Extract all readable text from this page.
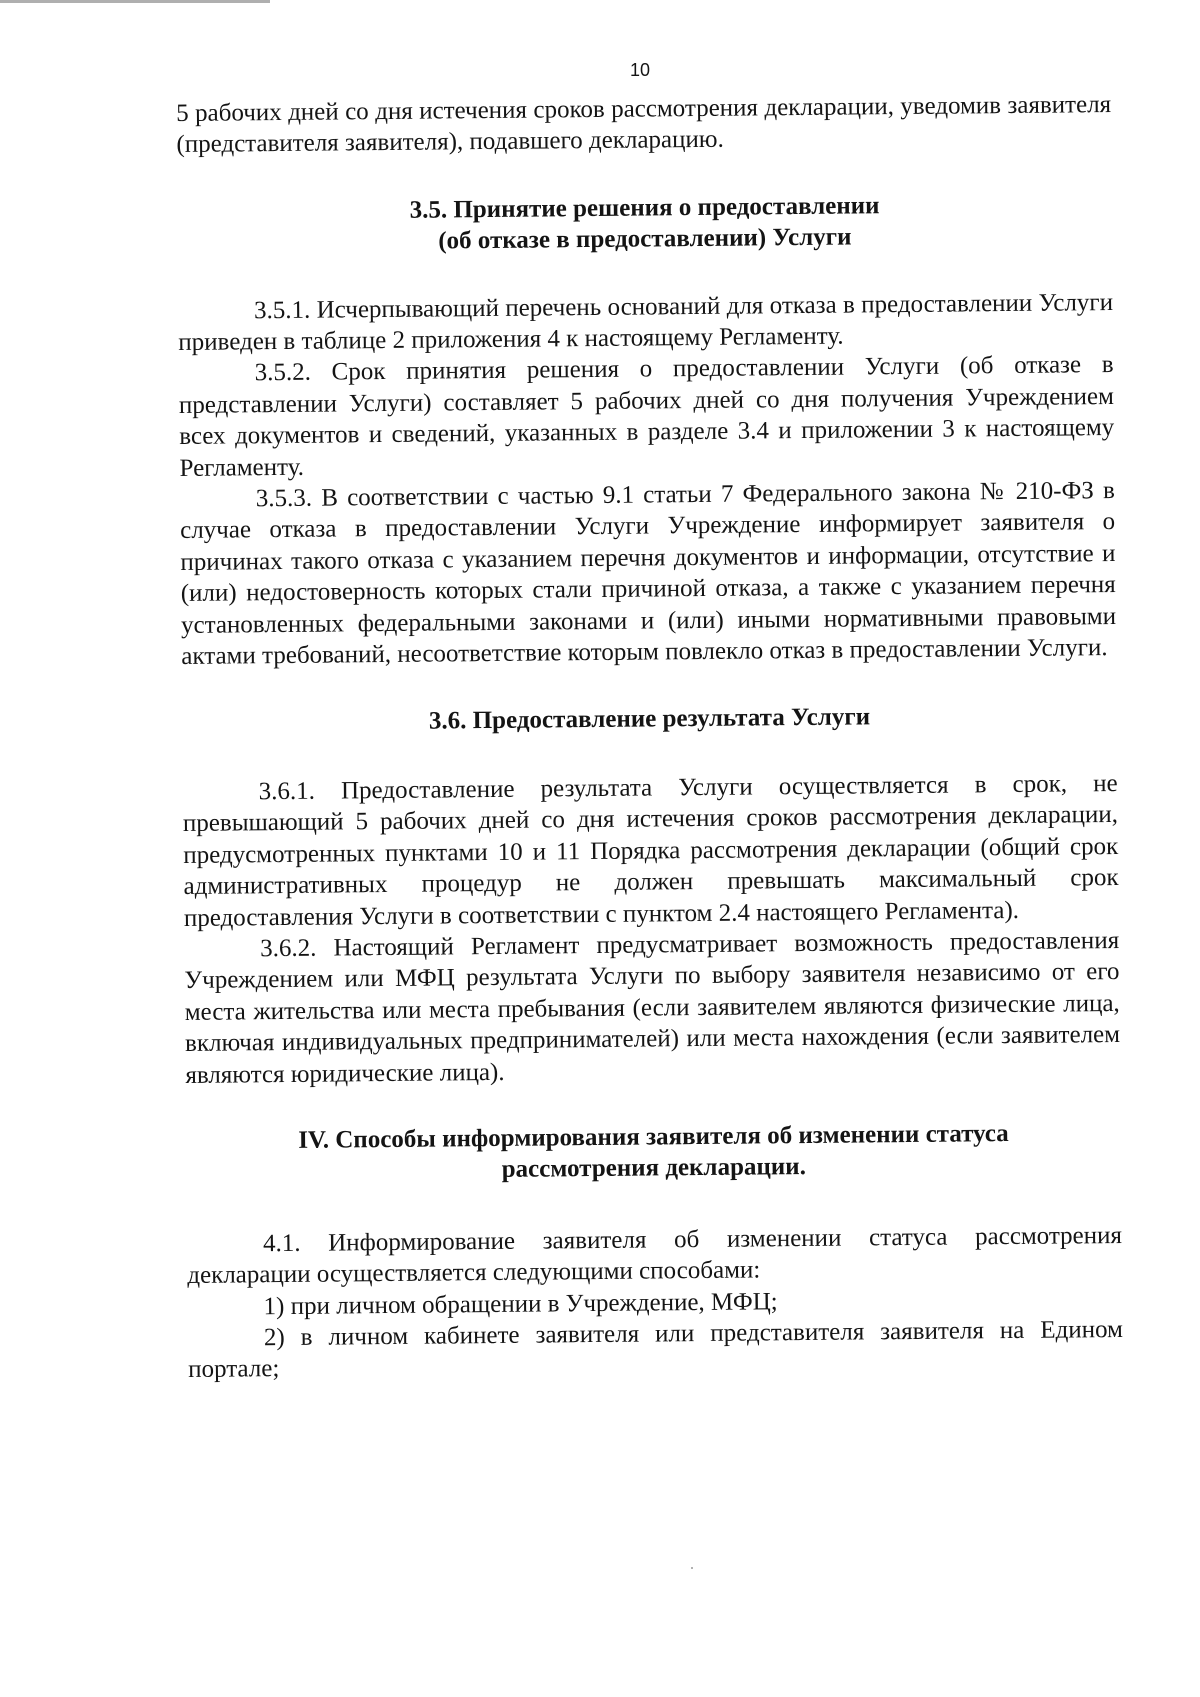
10

5 рабочих дней со дня истечения сроков рассмотрения декларации, уведомив заявителя (представителя заявителя), подавшего декларацию.

3.5. Принятие решения о предоставлении
(об отказе в предоставлении) Услуги

3.5.1. Исчерпывающий перечень оснований для отказа в предоставлении Услуги приведен в таблице 2 приложения 4 к настоящему Регламенту.

3.5.2. Срок принятия решения о предоставлении Услуги (об отказе в представлении Услуги) составляет 5 рабочих дней со дня получения Учреждением всех документов и сведений, указанных в разделе 3.4 и приложении 3 к настоящему Регламенту.

3.5.3. В соответствии с частью 9.1 статьи 7 Федерального закона № 210-ФЗ в случае отказа в предоставлении Услуги Учреждение информирует заявителя о причинах такого отказа с указанием перечня документов и информации, отсутствие и (или) недостоверность которых стали причиной отказа, а также с указанием перечня установленных федеральными законами и (или) иными нормативными правовыми актами требований, несоответствие которым повлекло отказ в предоставлении Услуги.

3.6. Предоставление результата Услуги

3.6.1. Предоставление результата Услуги осуществляется в срок, не превышающий 5 рабочих дней со дня истечения сроков рассмотрения декларации, предусмотренных пунктами 10 и 11 Порядка рассмотрения декларации (общий срок административных процедур не должен превышать максимальный срок предоставления Услуги в соответствии с пунктом 2.4 настоящего Регламента).

3.6.2. Настоящий Регламент предусматривает возможность предоставления Учреждением или МФЦ результата Услуги по выбору заявителя независимо от его места жительства или места пребывания (если заявителем являются физические лица, включая индивидуальных предпринимателей) или места нахождения (если заявителем являются юридические лица).

IV. Способы информирования заявителя об изменении статуса
рассмотрения декларации.

4.1. Информирование заявителя об изменении статуса рассмотрения декларации осуществляется следующими способами:

1) при личном обращении в Учреждение, МФЦ;

2) в личном кабинете заявителя или представителя заявителя на Едином портале;
